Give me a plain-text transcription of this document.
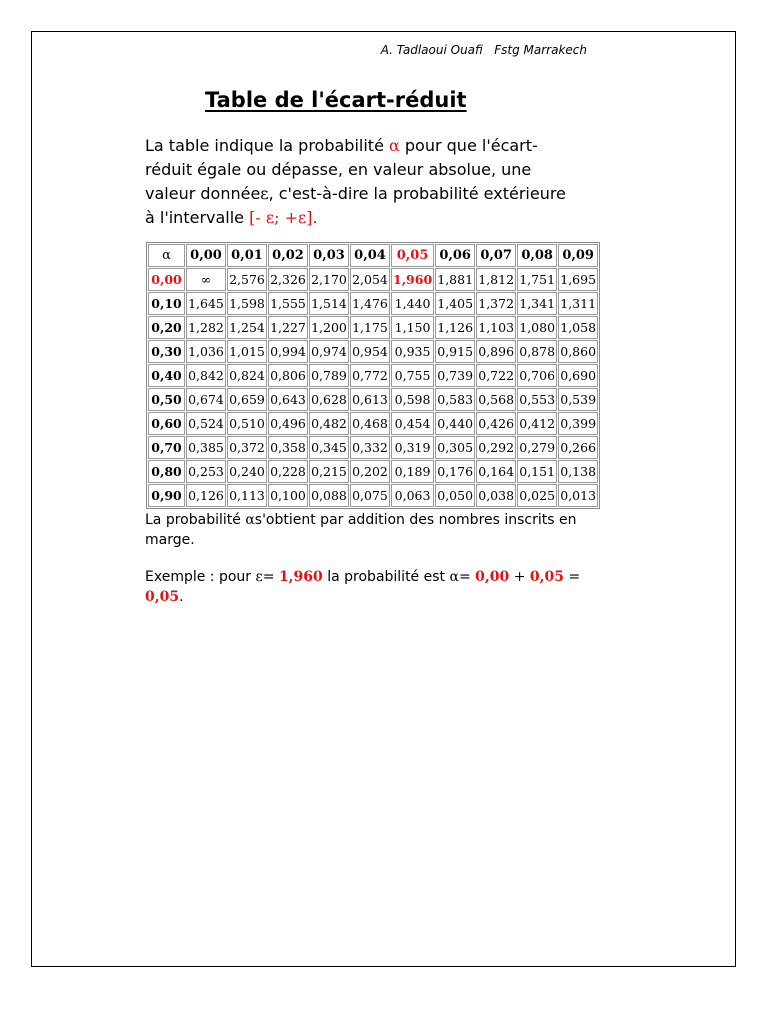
A. Tadlaoui Ouafi   Fstg Marrakech
Table de l'écart-réduit
La table indique la probabilité α pour que l'écart-réduit égale ou dépasse, en valeur absolue, une valeur donnéeε, c'est-à-dire la probabilité extérieure à l'intervalle [- ε; +ε].
α	0,00	0,01	0,02	0,03	0,04	0,05	0,06	0,07	0,08	0,09
0,00	∞	2,576	2,326	2,170	2,054	1,960	1,881	1,812	1,751	1,695
0,10	1,645	1,598	1,555	1,514	1,476	1,440	1,405	1,372	1,341	1,311
0,20	1,282	1,254	1,227	1,200	1,175	1,150	1,126	1,103	1,080	1,058
0,30	1,036	1,015	0,994	0,974	0,954	0,935	0,915	0,896	0,878	0,860
0,40	0,842	0,824	0,806	0,789	0,772	0,755	0,739	0,722	0,706	0,690
0,50	0,674	0,659	0,643	0,628	0,613	0,598	0,583	0,568	0,553	0,539
0,60	0,524	0,510	0,496	0,482	0,468	0,454	0,440	0,426	0,412	0,399
0,70	0,385	0,372	0,358	0,345	0,332	0,319	0,305	0,292	0,279	0,266
0,80	0,253	0,240	0,228	0,215	0,202	0,189	0,176	0,164	0,151	0,138
0,90	0,126	0,113	0,100	0,088	0,075	0,063	0,050	0,038	0,025	0,013
La probabilité αs'obtient par addition des nombres inscrits en marge.
Exemple : pour ε= 1,960 la probabilité est α= 0,00 + 0,05 =
0,05.
